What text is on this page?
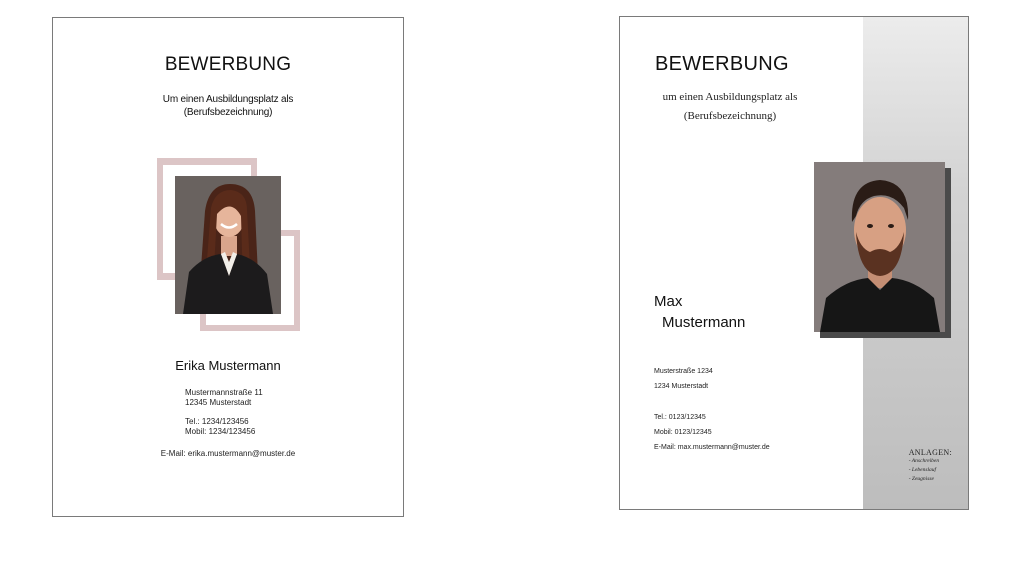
BEWERBUNG
Um einen Ausbildungsplatz als
(Berufsbezeichnung)
Erika Mustermann
Mustermannstraße 11
12345 Musterstadt
Tel.: 1234/123456
Mobil: 1234/123456
E-Mail: erika.mustermann@muster.de
BEWERBUNG
um einen Ausbildungsplatz als
(Berufsbezeichnung)
Max
Mustermann
Musterstraße 1234
1234 Musterstadt
Tel.: 0123/12345
Mobil: 0123/12345
E-Mail: max.mustermann@muster.de
ANLAGEN:
- Anschreiben
- Lebenslauf
- Zeugnisse
